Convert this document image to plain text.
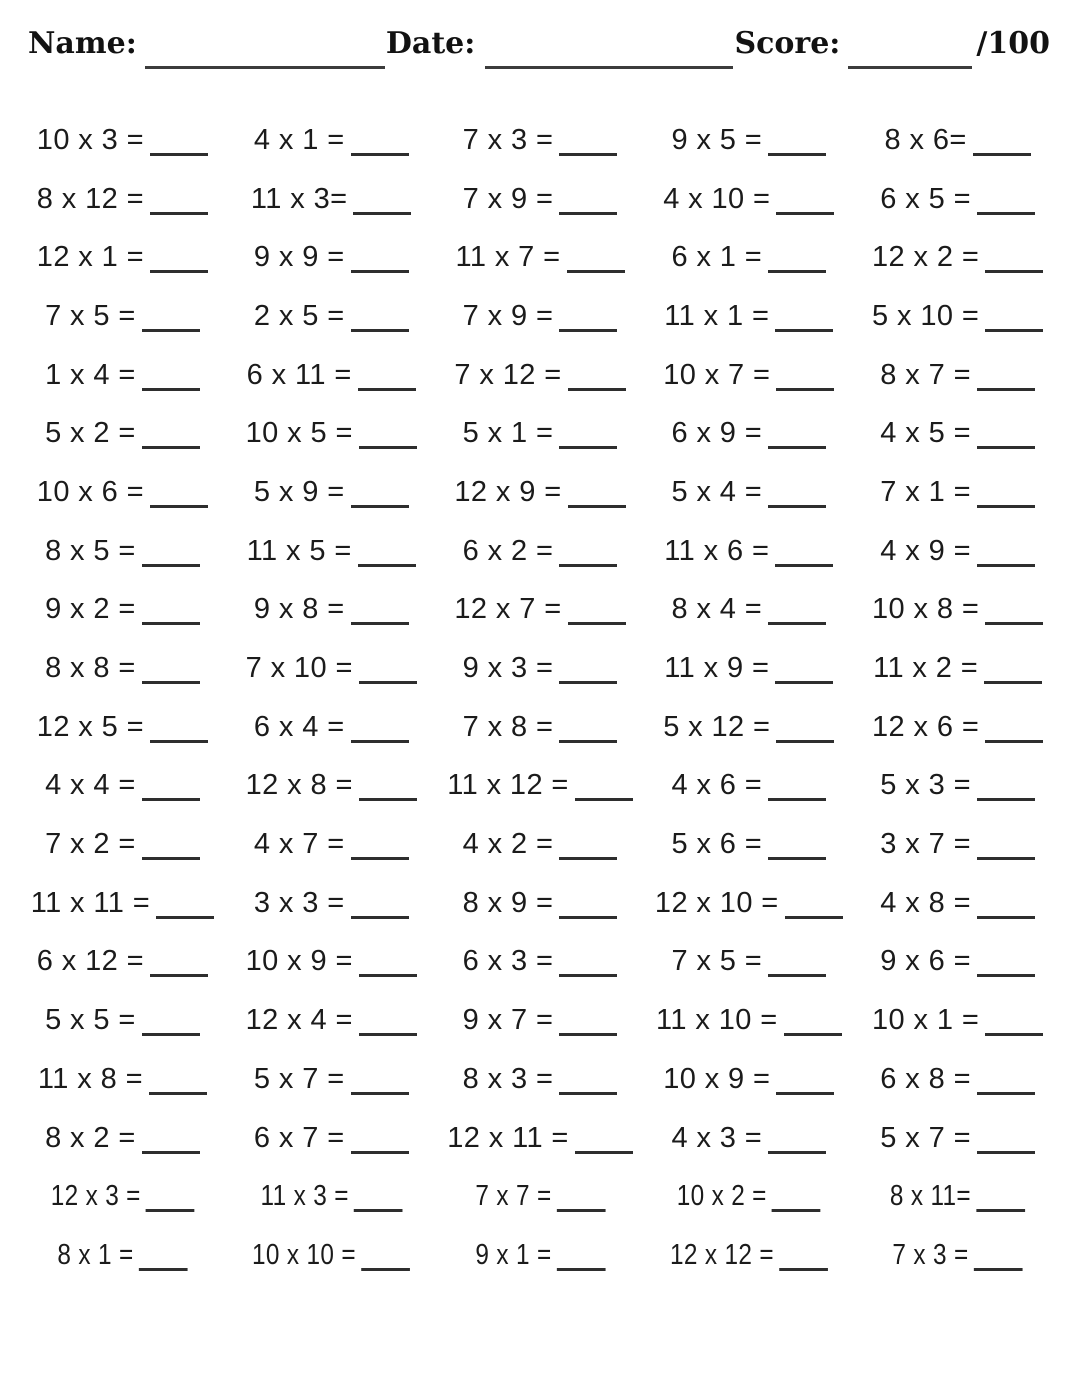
Name:	Date:	Score:	/100
10 x 3 =	4 x 1 =	7 x 3 =	9 x 5 =	8 x 6=
8 x 12 =	11 x 3=	7 x 9 =	4 x 10 =	6 x 5 =
12 x 1 =	9 x 9 =	11 x 7 =	6 x 1 =	12 x 2 =
7 x 5 =	2 x 5 =	7 x 9 =	11 x 1 =	5 x 10 =
1 x 4 =	6 x 11 =	7 x 12 =	10 x 7 =	8 x 7 =
5 x 2 =	10 x 5 =	5 x 1 =	6 x 9 =	4 x 5 =
10 x 6 =	5 x 9 =	12 x 9 =	5 x 4 =	7 x 1 =
8 x 5 =	11 x 5 =	6 x 2 =	11 x 6 =	4 x 9 =
9 x 2 =	9 x 8 =	12 x 7 =	8 x 4 =	10 x 8 =
8 x 8 =	7 x 10 =	9 x 3 =	11 x 9 =	11 x 2 =
12 x 5 =	6 x 4 =	7 x 8 =	5 x 12 =	12 x 6 =
4 x 4 =	12 x 8 =	11 x 12 =	4 x 6 =	5 x 3 =
7 x 2 =	4 x 7 =	4 x 2 =	5 x 6 =	3 x 7 =
11 x 11 =	3 x 3 =	8 x 9 =	12 x 10 =	4 x 8 =
6 x 12 =	10 x 9 =	6 x 3 =	7 x 5 =	9 x 6 =
5 x 5 =	12 x 4 =	9 x 7 =	11 x 10 =	10 x 1 =
11 x 8 =	5 x 7 =	8 x 3 =	10 x 9 =	6 x 8 =
8 x 2 =	6 x 7 =	12 x 11 =	4 x 3 =	5 x 7 =
12 x 3 =	11 x 3 =	7 x 7 =	10 x 2 =	8 x 11=
8 x 1 =	10 x 10 =	9 x 1 =	12 x 12 =	7 x 3 =
